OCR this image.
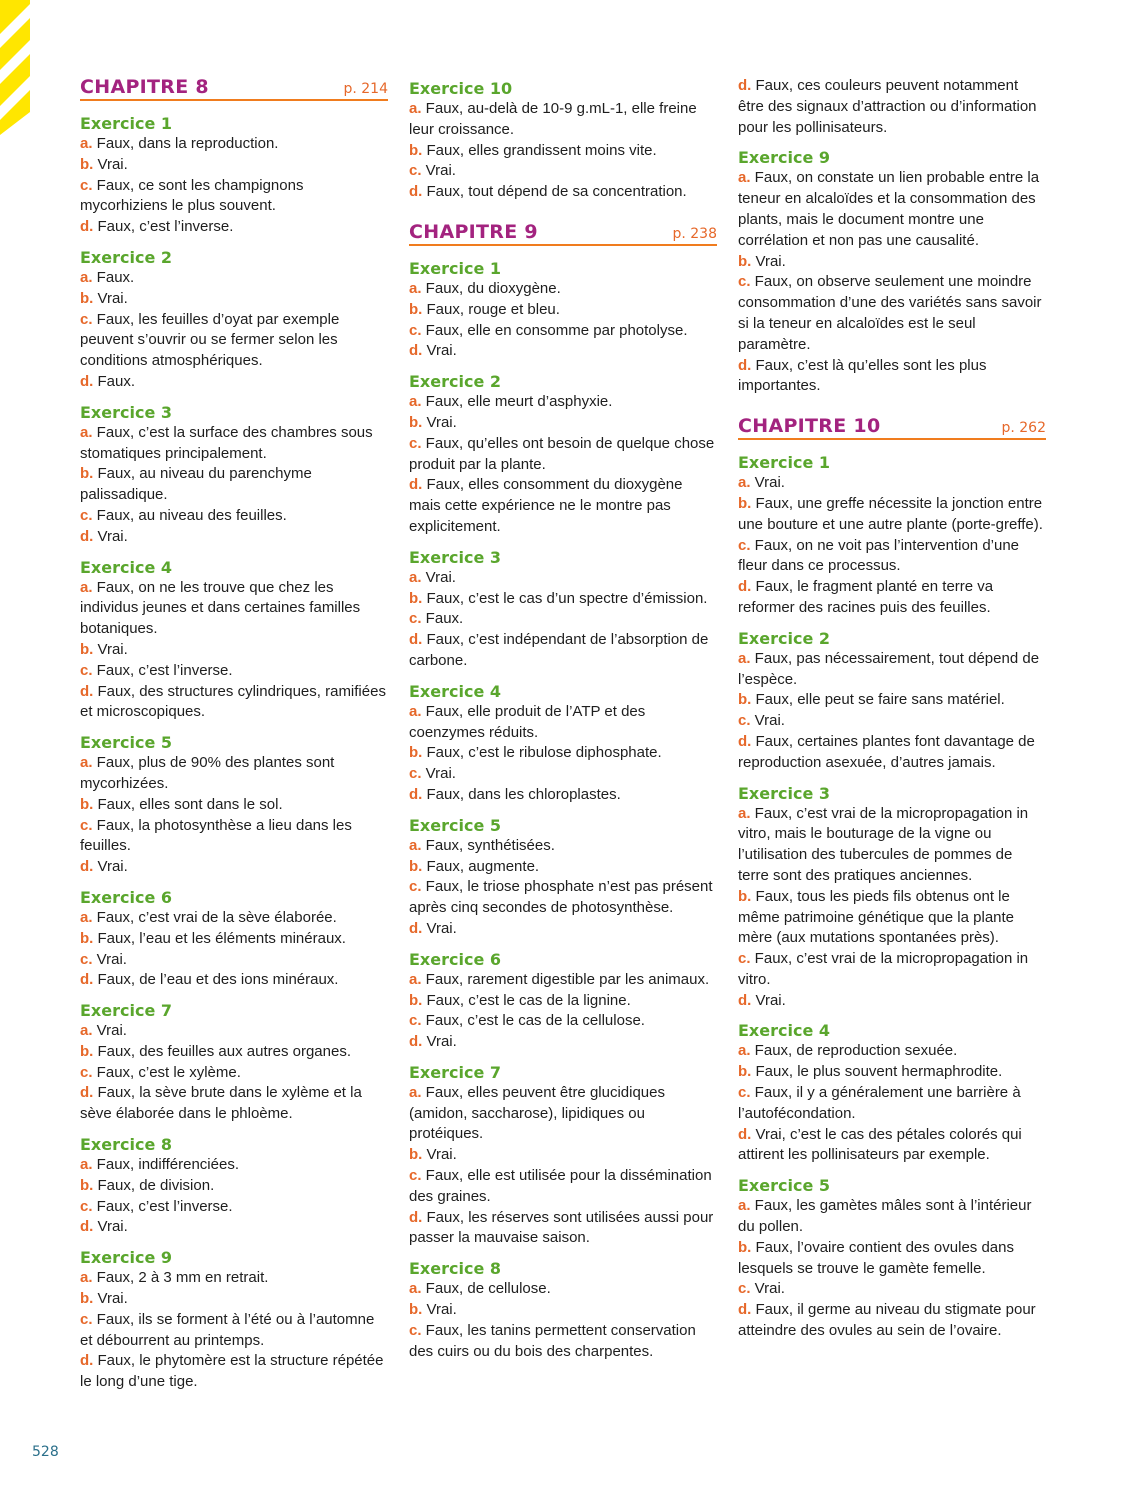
CHAPITRE 8	p. 214
Exercice 1
a. Faux, dans la reproduction.
b. Vrai.
c. Faux, ce sont les champignons mycorhiziens le plus souvent.
d. Faux, c’est l’inverse.
Exercice 2
a. Faux.
b. Vrai.
c. Faux, les feuilles d’oyat par exemple peuvent s’ouvrir ou se fermer selon les conditions atmosphériques.
d. Faux.
Exercice 3
a. Faux, c’est la surface des chambres sous stomatiques principalement.
b. Faux, au niveau du parenchyme palissadique.
c. Faux, au niveau des feuilles.
d. Vrai.
Exercice 4
a. Faux, on ne les trouve que chez les individus jeunes et dans certaines familles botaniques.
b. Vrai.
c. Faux, c’est l’inverse.
d. Faux, des structures cylindriques, ramifiées et microscopiques.
Exercice 5
a. Faux, plus de 90% des plantes sont mycorhizées.
b. Faux, elles sont dans le sol.
c. Faux, la photosynthèse a lieu dans les feuilles.
d. Vrai.
Exercice 6
a. Faux, c’est vrai de la sève élaborée.
b. Faux, l’eau et les éléments minéraux.
c. Vrai.
d. Faux, de l’eau et des ions minéraux.
Exercice 7
a. Vrai.
b. Faux, des feuilles aux autres organes.
c. Faux, c’est le xylème.
d. Faux, la sève brute dans le xylème et la sève élaborée dans le phloème.
Exercice 8
a. Faux, indifférenciées.
b. Faux, de division.
c. Faux, c’est l’inverse.
d. Vrai.
Exercice 9
a. Faux, 2 à 3 mm en retrait.
b. Vrai.
c. Faux, ils se forment à l’été ou à l’automne et débourrent au printemps.
d. Faux, le phytomère est la structure répétée le long d’une tige.
Exercice 10
a. Faux, au-delà de 10-9 g.mL-1, elle freine leur croissance.
b. Faux, elles grandissent moins vite.
c. Vrai.
d. Faux, tout dépend de sa concentration.
CHAPITRE 9	p. 238
Exercice 1
a. Faux, du dioxygène.
b. Faux, rouge et bleu.
c. Faux, elle en consomme par photolyse.
d. Vrai.
Exercice 2
a. Faux, elle meurt d’asphyxie.
b. Vrai.
c. Faux, qu’elles ont besoin de quelque chose produit par la plante.
d. Faux, elles consomment du dioxygène mais cette expérience ne le montre pas explicitement.
Exercice 3
a. Vrai.
b. Faux, c’est le cas d’un spectre d’émission.
c. Faux.
d. Faux, c’est indépendant de l’absorption de carbone.
Exercice 4
a. Faux, elle produit de l’ATP et des coenzymes réduits.
b. Faux, c’est le ribulose diphosphate.
c. Vrai.
d. Faux, dans les chloroplastes.
Exercice 5
a. Faux, synthétisées.
b. Faux, augmente.
c. Faux, le triose phosphate n’est pas présent après cinq secondes de photosynthèse.
d. Vrai.
Exercice 6
a. Faux, rarement digestible par les animaux.
b. Faux, c’est le cas de la lignine.
c. Faux, c’est le cas de la cellulose.
d. Vrai.
Exercice 7
a. Faux, elles peuvent être glucidiques (amidon, saccharose), lipidiques ou protéiques.
b. Vrai.
c. Faux, elle est utilisée pour la dissémination des graines.
d. Faux, les réserves sont utilisées aussi pour passer la mauvaise saison.
Exercice 8
a. Faux, de cellulose.
b. Vrai.
c. Faux, les tanins permettent conservation des cuirs ou du bois des charpentes.
d. Faux, ces couleurs peuvent notamment être des signaux d’attraction ou d’information pour les pollinisateurs.
Exercice 9
a. Faux, on constate un lien probable entre la teneur en alcaloïdes et la consommation des plants, mais le document montre une corrélation et non pas une causalité.
b. Vrai.
c. Faux, on observe seulement une moindre consommation d’une des variétés sans savoir si la teneur en alcaloïdes est le seul paramètre.
d. Faux, c’est là qu’elles sont les plus importantes.
CHAPITRE 10	p. 262
Exercice 1
a. Vrai.
b. Faux, une greffe nécessite la jonction entre une bouture et une autre plante (porte-greffe).
c. Faux, on ne voit pas l’intervention d’une fleur dans ce processus.
d. Faux, le fragment planté en terre va reformer des racines puis des feuilles.
Exercice 2
a. Faux, pas nécessairement, tout dépend de l’espèce.
b. Faux, elle peut se faire sans matériel.
c. Vrai.
d. Faux, certaines plantes font davantage de reproduction asexuée, d’autres jamais.
Exercice 3
a. Faux, c’est vrai de la micropropagation in vitro, mais le bouturage de la vigne ou l’utilisation des tubercules de pommes de terre sont des pratiques anciennes.
b. Faux, tous les pieds fils obtenus ont le même patrimoine génétique que la plante mère (aux mutations spontanées près).
c. Faux, c’est vrai de la micropropagation in vitro.
d. Vrai.
Exercice 4
a. Faux, de reproduction sexuée.
b. Faux, le plus souvent hermaphrodite.
c. Faux, il y a généralement une barrière à l’autofécondation.
d. Vrai, c’est le cas des pétales colorés qui attirent les pollinisateurs par exemple.
Exercice 5
a. Faux, les gamètes mâles sont à l’intérieur du pollen.
b. Faux, l’ovaire contient des ovules dans lesquels se trouve le gamète femelle.
c. Vrai.
d. Faux, il germe au niveau du stigmate pour atteindre des ovules au sein de l’ovaire.
528
